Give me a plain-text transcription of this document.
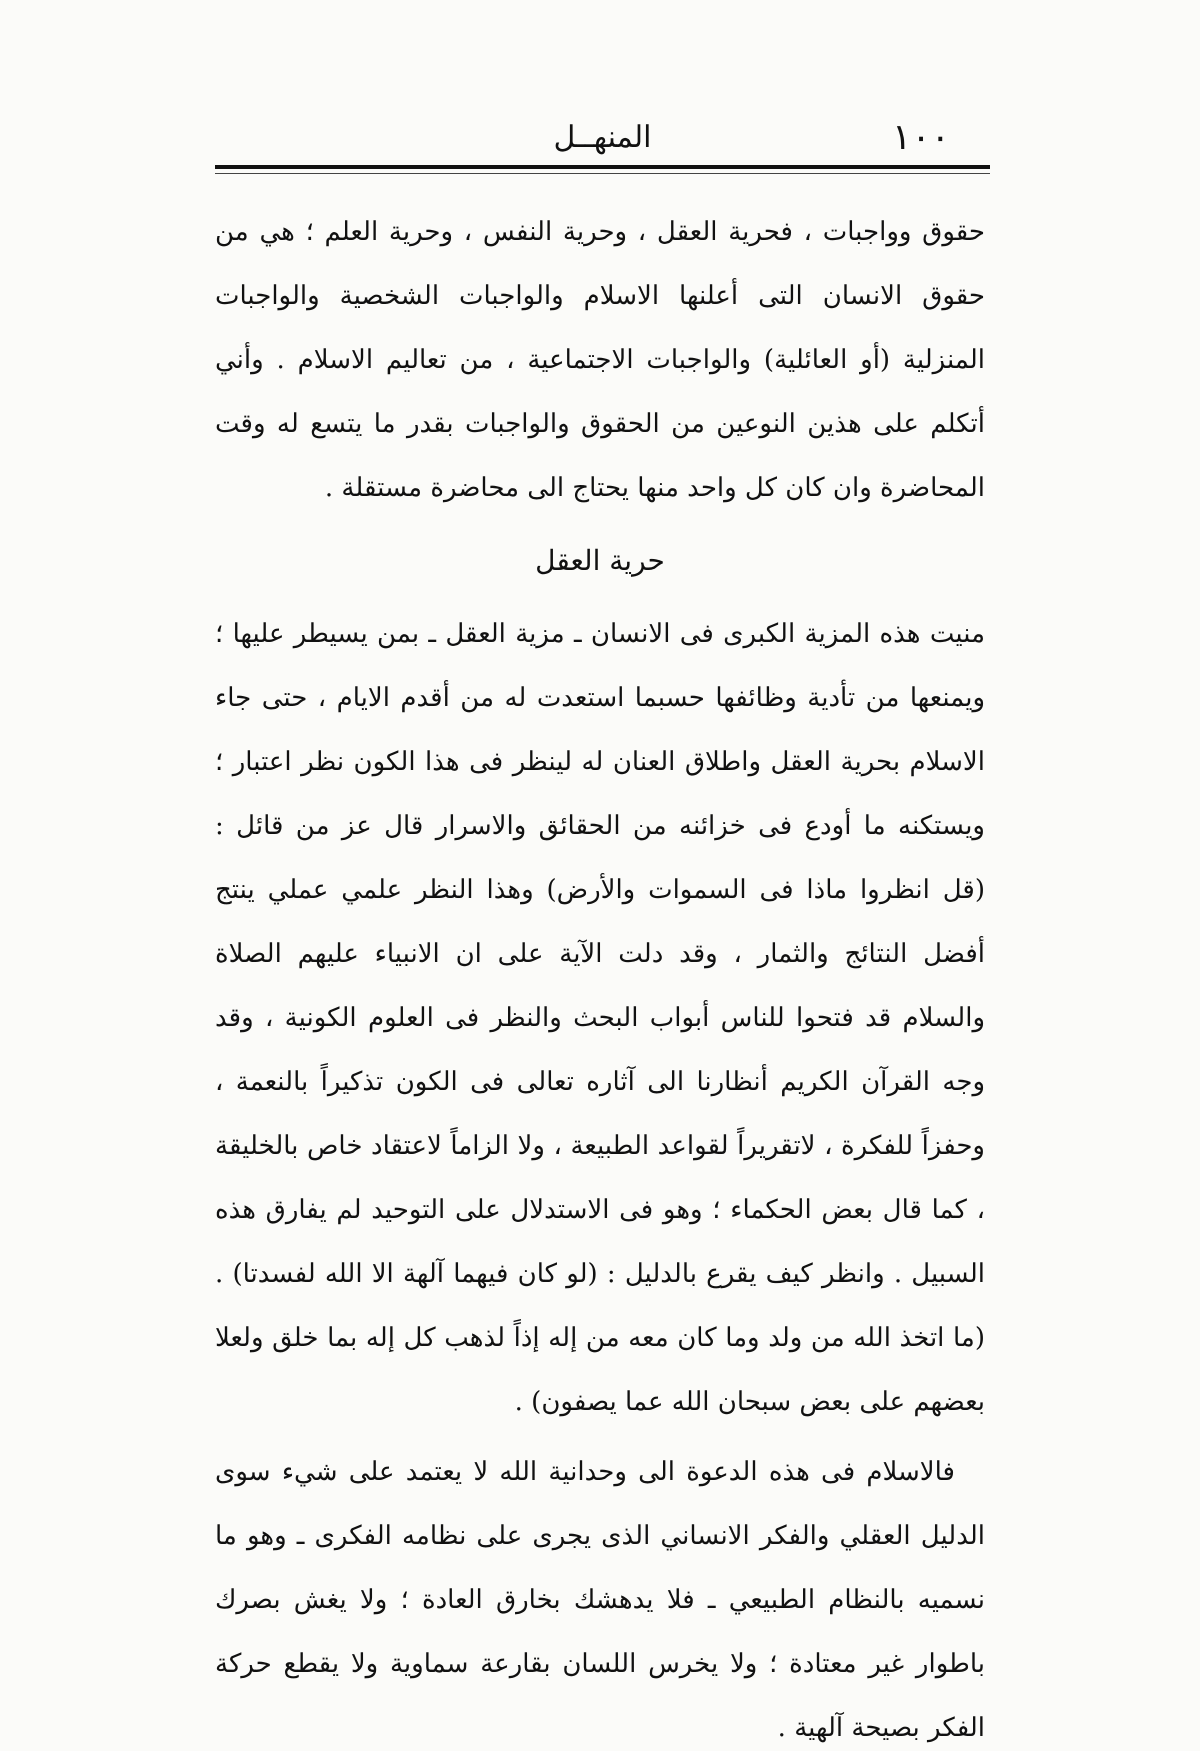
١٠٠
المنهــل

حقوق وواجبات ، فحرية العقل ، وحرية النفس ، وحرية العلم ؛ هي من حقوق الانسان التى أعلنها الاسلام والواجبات الشخصية والواجبات المنزلية (أو العائلية) والواجبات الاجتماعية ، من تعاليم الاسلام . وأني أتكلم على هذين النوعين من الحقوق والواجبات بقدر ما يتسع له وقت المحاضرة وان كان كل واحد منها يحتاج الى محاضرة مستقلة .

حرية العقل

منيت هذه المزية الكبرى فى الانسان ـ مزية العقل ـ بمن يسيطر عليها ؛ ويمنعها من تأدية وظائفها حسبما استعدت له من أقدم الايام ، حتى جاء الاسلام بحرية العقل واطلاق العنان له لينظر فى هذا الكون نظر اعتبار ؛ ويستكنه ما أودع فى خزائنه من الحقائق والاسرار قال عز من قائل : (قل انظروا ماذا فى السموات والأرض) وهذا النظر علمي عملي ينتج أفضل النتائج والثمار ، وقد دلت الآية على ان الانبياء عليهم الصلاة والسلام قد فتحوا للناس أبواب البحث والنظر فى العلوم الكونية ، وقد وجه القرآن الكريم أنظارنا الى آثاره تعالى فى الكون تذكيراً بالنعمة ، وحفزاً للفكرة ، لاتقريراً لقواعد الطبيعة ، ولا الزاماً لاعتقاد خاص بالخليقة ، كما قال بعض الحكماء ؛ وهو فى الاستدلال على التوحيد لم يفارق هذه السبيل . وانظر كيف يقرع بالدليل : (لو كان فيهما آلهة الا الله لفسدتا) . (ما اتخذ الله من ولد وما كان معه من إله إذاً لذهب كل إله بما خلق ولعلا بعضهم على بعض سبحان الله عما يصفون) .

فالاسلام فى هذه الدعوة الى وحدانية الله لا يعتمد على شيء سوى الدليل العقلي والفكر الانساني الذى يجرى على نظامه الفكرى ـ وهو ما نسميه بالنظام الطبيعي ـ فلا يدهشك بخارق العادة ؛ ولا يغش بصرك باطوار غير معتادة ؛ ولا يخرس اللسان بقارعة سماوية ولا يقطع حركة الفكر بصيحة آلهية .
